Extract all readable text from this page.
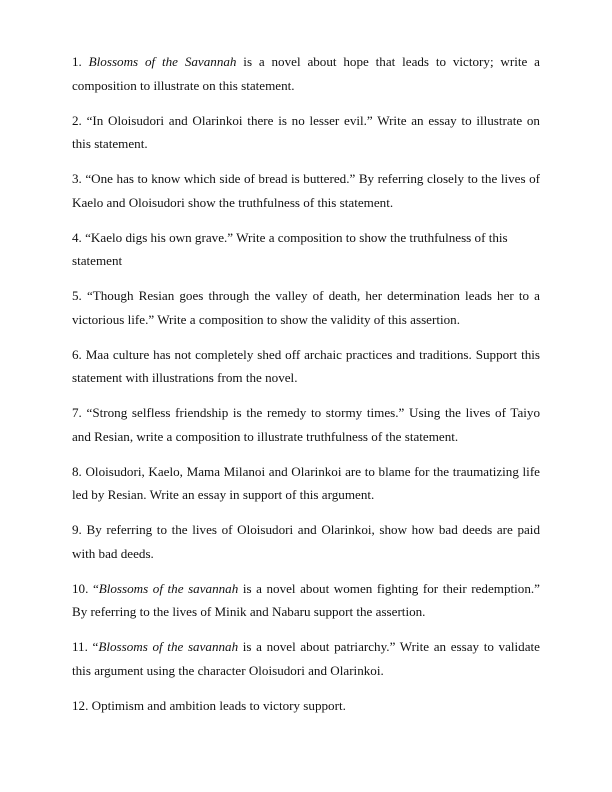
1. Blossoms of the Savannah is a novel about hope that leads to victory; write a composition to illustrate on this statement.

2. “In Oloisudori and Olarinkoi there is no lesser evil.” Write an essay to illustrate on this statement.

3. “One has to know which side of bread is buttered.” By referring closely to the lives of Kaelo and Oloisudori show the truthfulness of this statement.

4. “Kaelo digs his own grave.” Write a composition to show the truthfulness of this statement

5. “Though Resian goes through the valley of death, her determination leads her to a victorious life.” Write a composition to show the validity of this assertion.

6. Maa culture has not completely shed off archaic practices and traditions. Support this statement with illustrations from the novel.

7. “Strong selfless friendship is the remedy to stormy times.” Using the lives of Taiyo and Resian, write a composition to illustrate truthfulness of the statement.

8. Oloisudori, Kaelo, Mama Milanoi and Olarinkoi are to blame for the traumatizing life led by Resian. Write an essay in support of this argument.

9. By referring to the lives of Oloisudori and Olarinkoi, show how bad deeds are paid with bad deeds.

10. “Blossoms of the savannah is a novel about women fighting for their redemption.” By referring to the lives of Minik and Nabaru support the assertion.

11. “Blossoms of the savannah is a novel about patriarchy.” Write an essay to validate this argument using the character Oloisudori and Olarinkoi.

12. Optimism and ambition leads to victory support.
